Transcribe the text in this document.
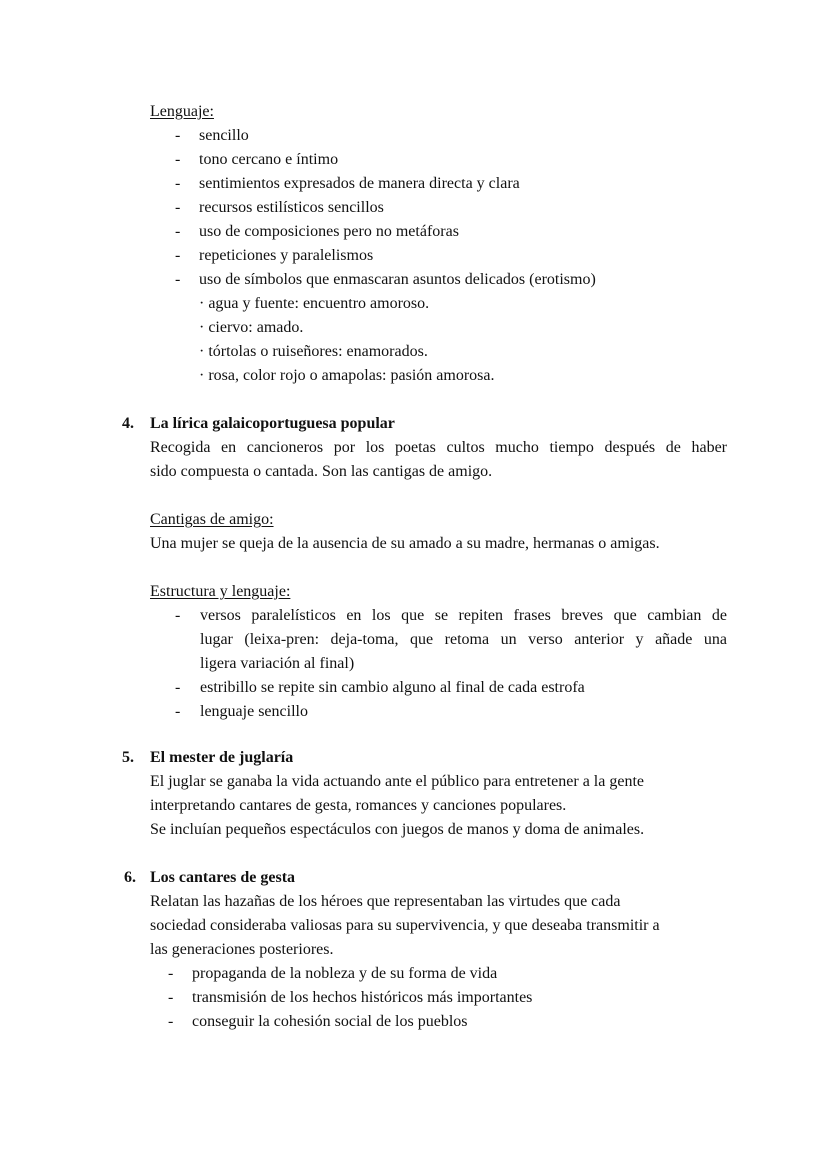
Lenguaje:
- sencillo
- tono cercano e íntimo
- sentimientos expresados de manera directa y clara
- recursos estilísticos sencillos
- uso de composiciones pero no metáforas
- repeticiones y paralelismos
- uso de símbolos que enmascaran asuntos delicados (erotismo)
· agua y fuente: encuentro amoroso.
· ciervo: amado.
· tórtolas o ruiseñores: enamorados.
· rosa, color rojo o amapolas: pasión amorosa.
4. La lírica galaicoportuguesa popular
Recogida en cancioneros por los poetas cultos mucho tiempo después de haber
sido compuesta o cantada. Son las cantigas de amigo.
Cantigas de amigo:
Una mujer se queja de la ausencia de su amado a su madre, hermanas o amigas.
Estructura y lenguaje:
- versos paralelísticos en los que se repiten frases breves que cambian de
lugar (leixa-pren: deja-toma, que retoma un verso anterior y añade una
ligera variación al final)
- estribillo se repite sin cambio alguno al final de cada estrofa
- lenguaje sencillo
5. El mester de juglaría
El juglar se ganaba la vida actuando ante el público para entretener a la gente
interpretando cantares de gesta, romances y canciones populares.
Se incluían pequeños espectáculos con juegos de manos y doma de animales.
6. Los cantares de gesta
Relatan las hazañas de los héroes que representaban las virtudes que cada
sociedad consideraba valiosas para su supervivencia, y que deseaba transmitir a
las generaciones posteriores.
- propaganda de la nobleza y de su forma de vida
- transmisión de los hechos históricos más importantes
- conseguir la cohesión social de los pueblos
